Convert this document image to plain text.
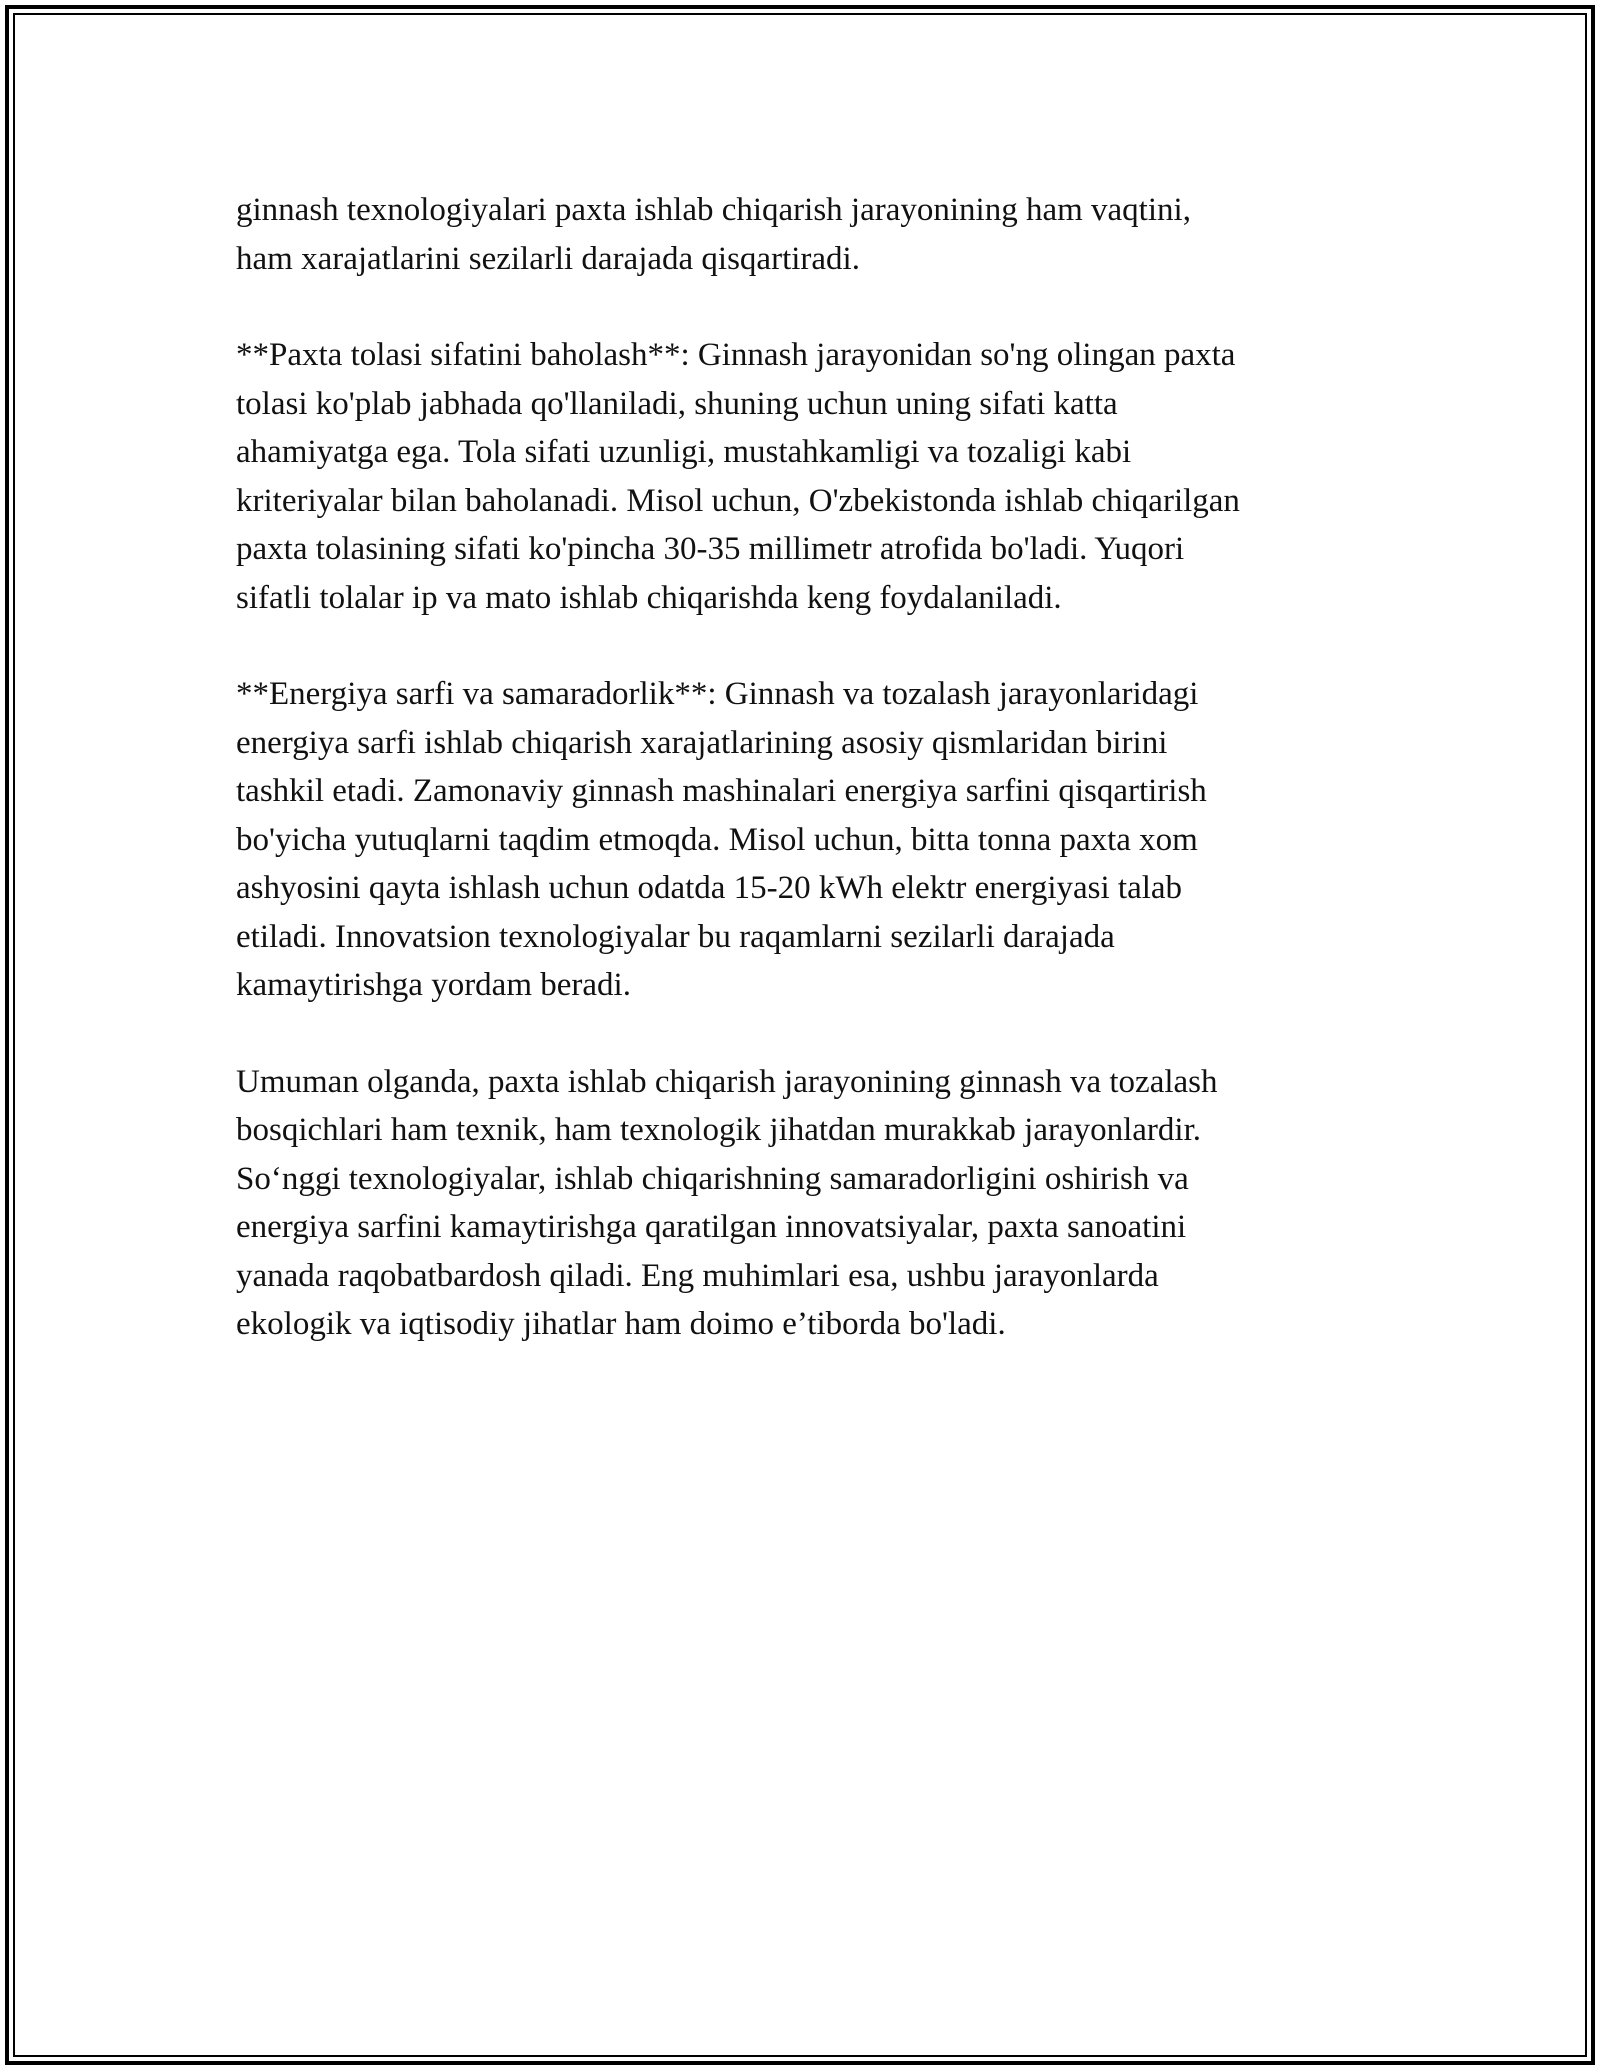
ginnash texnologiyalari paxta ishlab chiqarish jarayonining ham vaqtini,
ham xarajatlarini sezilarli darajada qisqartiradi.

**Paxta tolasi sifatini baholash**: Ginnash jarayonidan so'ng olingan paxta
tolasi ko'plab jabhada qo'llaniladi, shuning uchun uning sifati katta
ahamiyatga ega. Tola sifati uzunligi, mustahkamligi va tozaligi kabi
kriteriyalar bilan baholanadi. Misol uchun, O'zbekistonda ishlab chiqarilgan
paxta tolasining sifati ko'pincha 30-35 millimetr atrofida bo'ladi. Yuqori
sifatli tolalar ip va mato ishlab chiqarishda keng foydalaniladi.

**Energiya sarfi va samaradorlik**: Ginnash va tozalash jarayonlaridagi
energiya sarfi ishlab chiqarish xarajatlarining asosiy qismlaridan birini
tashkil etadi. Zamonaviy ginnash mashinalari energiya sarfini qisqartirish
bo'yicha yutuqlarni taqdim etmoqda. Misol uchun, bitta tonna paxta xom
ashyosini qayta ishlash uchun odatda 15-20 kWh elektr energiyasi talab
etiladi. Innovatsion texnologiyalar bu raqamlarni sezilarli darajada
kamaytirishga yordam beradi.

Umuman olganda, paxta ishlab chiqarish jarayonining ginnash va tozalash
bosqichlari ham texnik, ham texnologik jihatdan murakkab jarayonlardir.
So‘nggi texnologiyalar, ishlab chiqarishning samaradorligini oshirish va
energiya sarfini kamaytirishga qaratilgan innovatsiyalar, paxta sanoatini
yanada raqobatbardosh qiladi. Eng muhimlari esa, ushbu jarayonlarda
ekologik va iqtisodiy jihatlar ham doimo e’tiborda bo'ladi.
